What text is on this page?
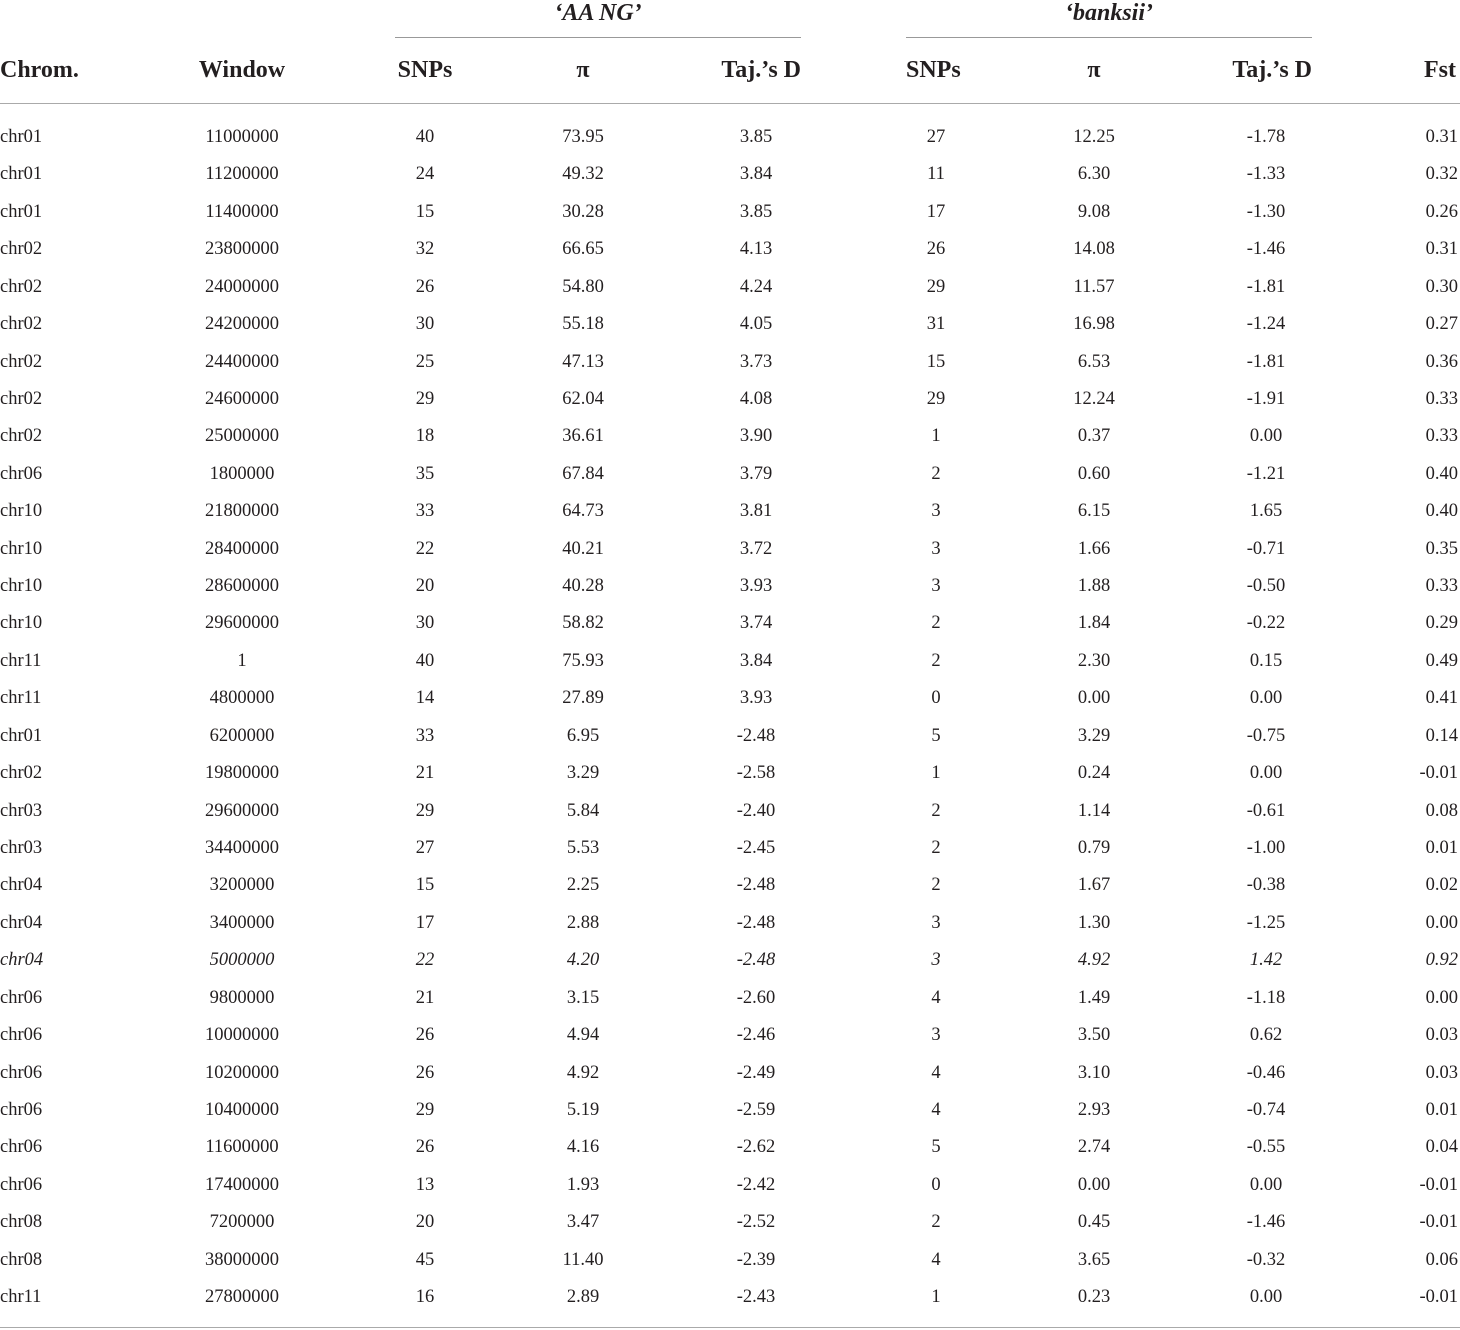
‘AA NG’	‘banksii’
Chrom.	Window	SNPs	π	Taj.’s D	SNPs	π	Taj.’s D	Fst
chr01	11000000	40	73.95	3.85	27	12.25	-1.78	0.31
chr01	11200000	24	49.32	3.84	11	6.30	-1.33	0.32
chr01	11400000	15	30.28	3.85	17	9.08	-1.30	0.26
chr02	23800000	32	66.65	4.13	26	14.08	-1.46	0.31
chr02	24000000	26	54.80	4.24	29	11.57	-1.81	0.30
chr02	24200000	30	55.18	4.05	31	16.98	-1.24	0.27
chr02	24400000	25	47.13	3.73	15	6.53	-1.81	0.36
chr02	24600000	29	62.04	4.08	29	12.24	-1.91	0.33
chr02	25000000	18	36.61	3.90	1	0.37	0.00	0.33
chr06	1800000	35	67.84	3.79	2	0.60	-1.21	0.40
chr10	21800000	33	64.73	3.81	3	6.15	1.65	0.40
chr10	28400000	22	40.21	3.72	3	1.66	-0.71	0.35
chr10	28600000	20	40.28	3.93	3	1.88	-0.50	0.33
chr10	29600000	30	58.82	3.74	2	1.84	-0.22	0.29
chr11	1	40	75.93	3.84	2	2.30	0.15	0.49
chr11	4800000	14	27.89	3.93	0	0.00	0.00	0.41
chr01	6200000	33	6.95	-2.48	5	3.29	-0.75	0.14
chr02	19800000	21	3.29	-2.58	1	0.24	0.00	-0.01
chr03	29600000	29	5.84	-2.40	2	1.14	-0.61	0.08
chr03	34400000	27	5.53	-2.45	2	0.79	-1.00	0.01
chr04	3200000	15	2.25	-2.48	2	1.67	-0.38	0.02
chr04	3400000	17	2.88	-2.48	3	1.30	-1.25	0.00
chr04	5000000	22	4.20	-2.48	3	4.92	1.42	0.92
chr06	9800000	21	3.15	-2.60	4	1.49	-1.18	0.00
chr06	10000000	26	4.94	-2.46	3	3.50	0.62	0.03
chr06	10200000	26	4.92	-2.49	4	3.10	-0.46	0.03
chr06	10400000	29	5.19	-2.59	4	2.93	-0.74	0.01
chr06	11600000	26	4.16	-2.62	5	2.74	-0.55	0.04
chr06	17400000	13	1.93	-2.42	0	0.00	0.00	-0.01
chr08	7200000	20	3.47	-2.52	2	0.45	-1.46	-0.01
chr08	38000000	45	11.40	-2.39	4	3.65	-0.32	0.06
chr11	27800000	16	2.89	-2.43	1	0.23	0.00	-0.01
